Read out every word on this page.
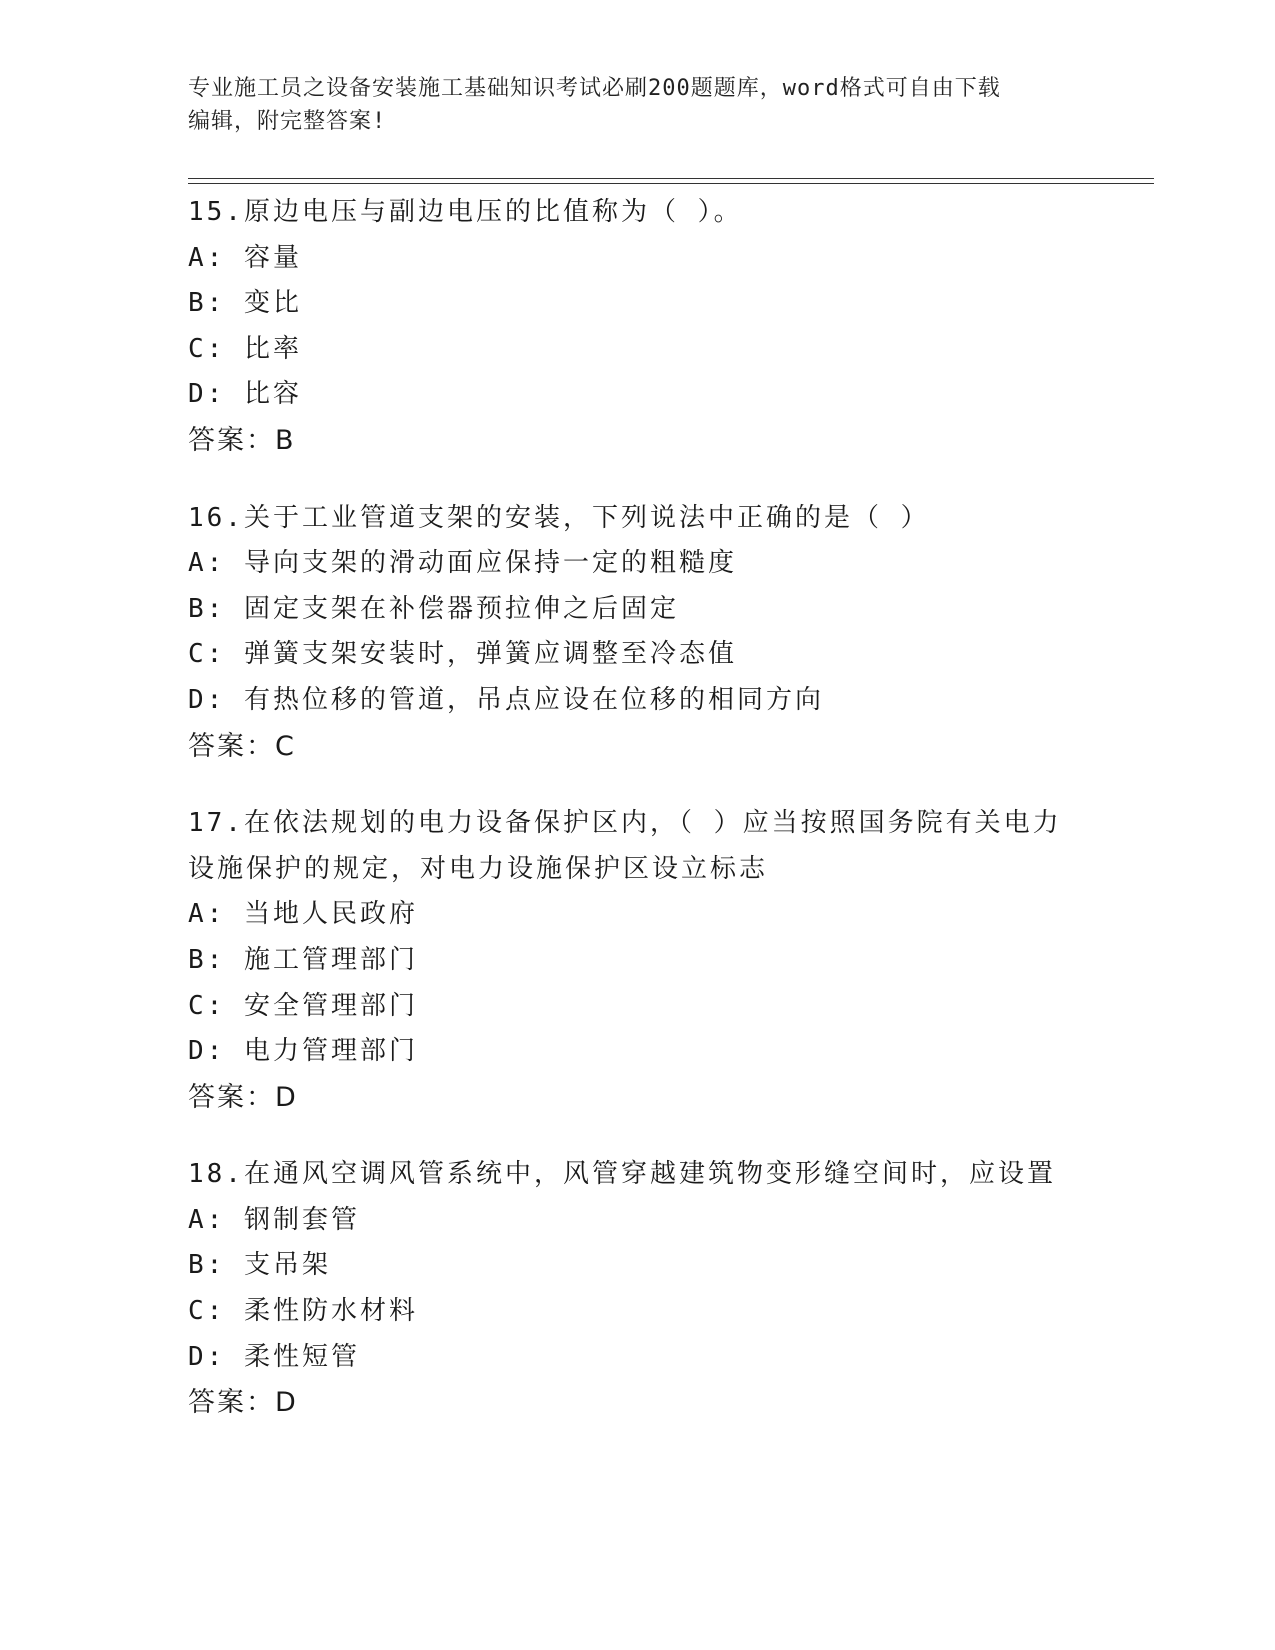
专业施工员之设备安装施工基础知识考试必刷200题题库，word格式可自由下载
编辑，附完整答案!
15.原边电压与副边电压的比值称为（ ）。
A: 容量
B: 变比
C: 比率
D: 比容
答案：B
16.关于工业管道支架的安装，下列说法中正确的是（ ）
A: 导向支架的滑动面应保持一定的粗糙度
B: 固定支架在补偿器预拉伸之后固定
C: 弹簧支架安装时，弹簧应调整至冷态值
D: 有热位移的管道，吊点应设在位移的相同方向
答案：C
17.在依法规划的电力设备保护区内，（ ）应当按照国务院有关电力
设施保护的规定，对电力设施保护区设立标志
A: 当地人民政府
B: 施工管理部门
C: 安全管理部门
D: 电力管理部门
答案：D
18.在通风空调风管系统中，风管穿越建筑物变形缝空间时，应设置
A: 钢制套管
B: 支吊架
C: 柔性防水材料
D: 柔性短管
答案：D
